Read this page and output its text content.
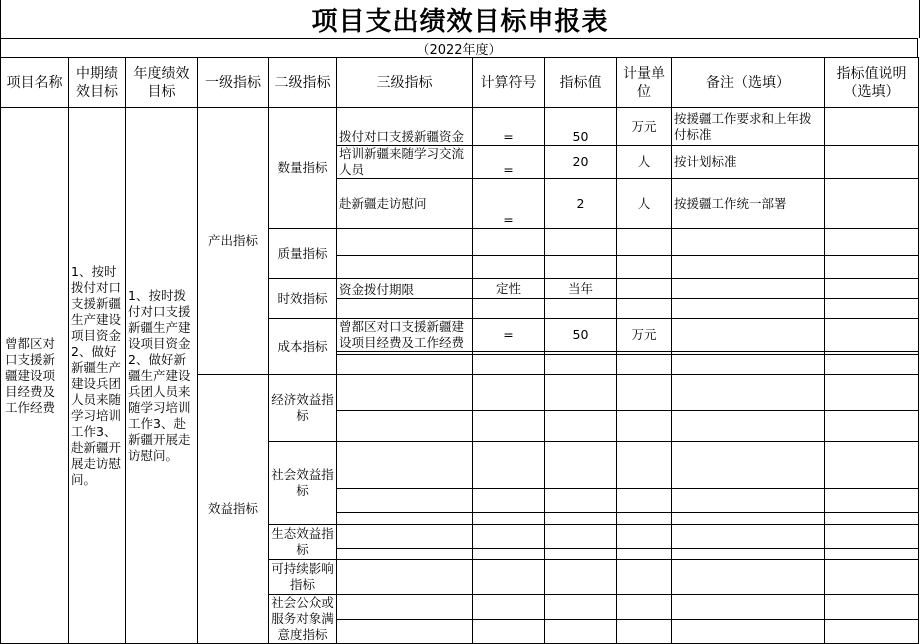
项目支出绩效目标申报表
（2022年度）
项目名称	中期绩效目标	年度绩效目标	一级指标	二级指标	三级指标	计算符号	指标值	计量单位	备注（选填）	指标值说明（选填）
曾都区对口支援新疆建设项目经费及工作经费	1、按时拨付对口支援新疆生产建设项目资金2、做好新疆生产建设兵团人员来随学习培训工作3、赴新疆开展走访慰问。	1、按时拨付对口支援新疆生产建设项目资金2、做好新疆生产建设兵团人员来随学习培训工作3、赴新疆开展走访慰问。	产出指标	数量指标	拨付对口支援新疆资金	=	50	万元	按援疆工作要求和上年拨付标准	
					培训新疆来随学习交流人员	=	20	人	按计划标准	
					赴新疆走访慰问	=	2	人	按援疆工作统一部署	
				质量指标						

				时效指标	资金拨付期限	定性	当年			

				成本指标	曾都区对口支援新疆建设项目经费及工作经费	=	50	万元		

			效益指标	经济效益指标						

				社会效益指标						

				生态效益指标						

				可持续影响指标						
				社会公众或服务对象满意度指标						
